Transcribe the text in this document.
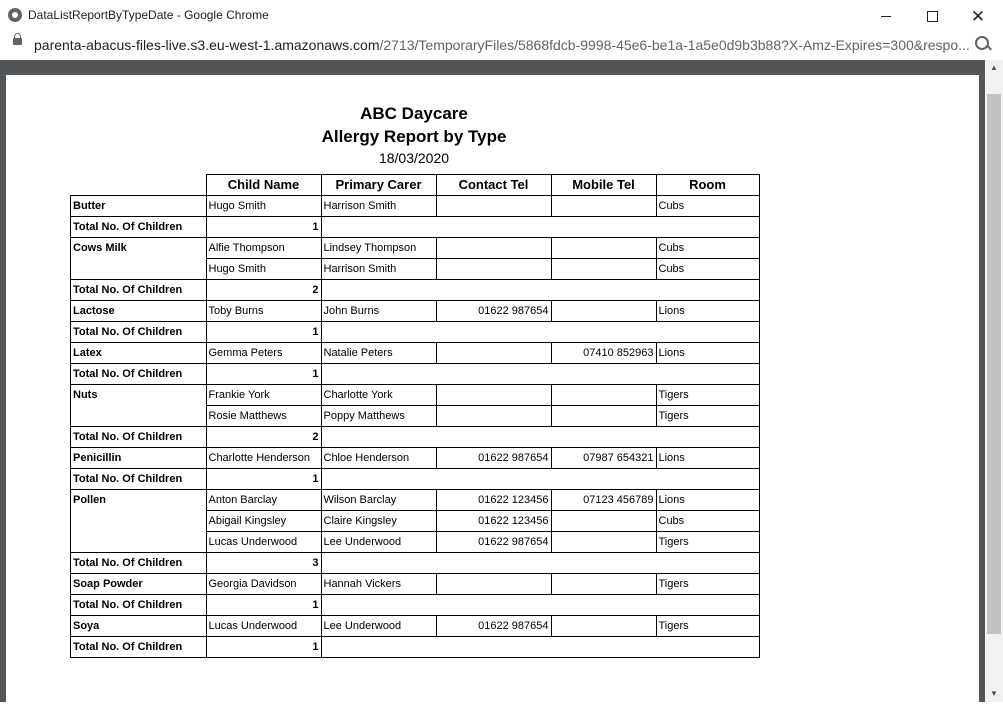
DataListReportByTypeDate - Google Chrome	✕
parenta-abacus-files-live.s3.eu-west-1.amazonaws.com/2713/TemporaryFiles/5868fdcb-9998-45e6-be1a-1a5e0d9b3b88?X-Amz-Expires=300&respo...
ABC Daycare
Allergy Report by Type
18/03/2020
	Child Name	Primary Carer	Contact Tel	Mobile Tel	Room
Butter	Hugo Smith	Harrison Smith			Cubs
Total No. Of Children	1				
Cows Milk	Alfie Thompson	Lindsey Thompson			Cubs
	Hugo Smith	Harrison Smith			Cubs
Total No. Of Children	2				
Lactose	Toby Burns	John Burns	01622 987654		Lions
Total No. Of Children	1				
Latex	Gemma Peters	Natalie Peters		07410 852963	Lions
Total No. Of Children	1				
Nuts	Frankie York	Charlotte York			Tigers
	Rosie Matthews	Poppy Matthews			Tigers
Total No. Of Children	2				
Penicillin	Charlotte Henderson	Chloe Henderson	01622 987654	07987 654321	Lions
Total No. Of Children	1				
Pollen	Anton Barclay	Wilson Barclay	01622 123456	07123 456789	Lions
	Abigail Kingsley	Claire Kingsley	01622 123456		Cubs
	Lucas Underwood	Lee Underwood	01622 987654		Tigers
Total No. Of Children	3				
Soap Powder	Georgia Davidson	Hannah Vickers			Tigers
Total No. Of Children	1				
Soya	Lucas Underwood	Lee Underwood	01622 987654		Tigers
Total No. Of Children	1				
▲
▼
